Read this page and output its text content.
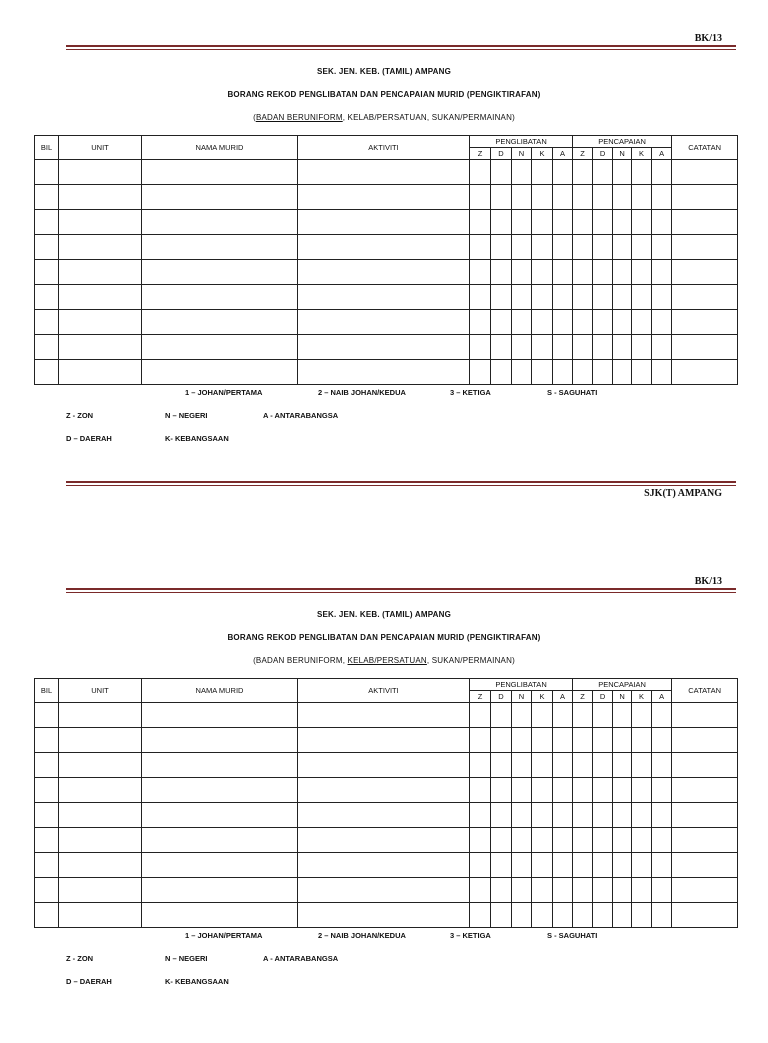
BK/13
SEK. JEN. KEB. (TAMIL) AMPANG
BORANG REKOD PENGLIBATAN DAN PENCAPAIAN MURID (PENGIKTIRAFAN)
(BADAN BERUNIFORM, KELAB/PERSATUAN, SUKAN/PERMAINAN)
BIL	UNIT	NAMA MURID	AKTIVITI	PENGLIBATAN					PENCAPAIAN					CATATAN
				Z	D	N	K	A	Z	D	N	K	A	

1 – JOHAN/PERTAMA	2 – NAIB JOHAN/KEDUA	3 – KETIGA	S - SAGUHATI
Z - ZON	N – NEGERI	A - ANTARABANGSA
D – DAERAH	K- KEBANGSAAN
SJK(T) AMPANG
BK/13
SEK. JEN. KEB. (TAMIL) AMPANG
BORANG REKOD PENGLIBATAN DAN PENCAPAIAN MURID (PENGIKTIRAFAN)
(BADAN BERUNIFORM, KELAB/PERSATUAN, SUKAN/PERMAINAN)
BIL	UNIT	NAMA MURID	AKTIVITI	PENGLIBATAN					PENCAPAIAN					CATATAN
				Z	D	N	K	A	Z	D	N	K	A	

1 – JOHAN/PERTAMA	2 – NAIB JOHAN/KEDUA	3 – KETIGA	S - SAGUHATI
Z - ZON	N – NEGERI	A - ANTARABANGSA
D – DAERAH	K- KEBANGSAAN
